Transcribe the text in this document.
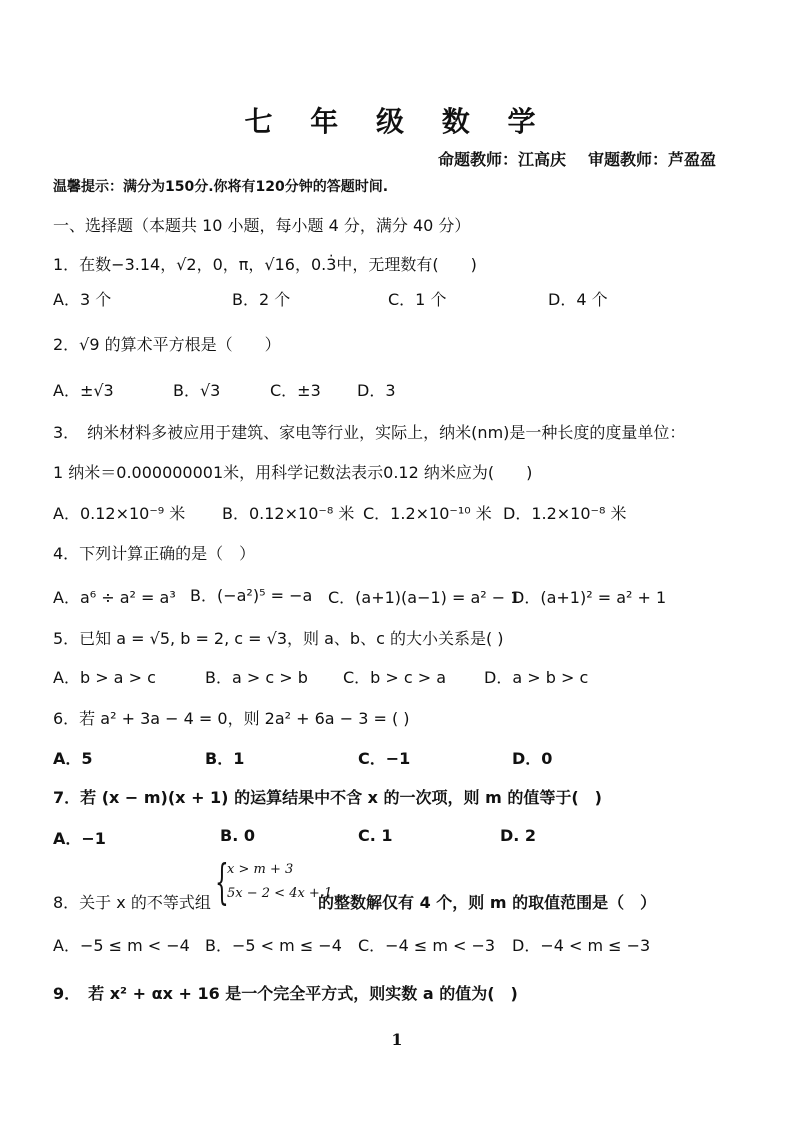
七 年 级 数 学
命题教师：江高庆 审题教师：芦盈盈
温馨提示：满分为150分.你将有120分钟的答题时间.
一、选择题（本题共 10 小题，每小题 4 分，满分 40 分）
1．在数−3.14，√2，0，π，√16，0.3̇中，无理数有(　　)
A．3 个	B．2 个	C．1 个	D．4 个
2．√9 的算术平方根是（　　）
A．±√3	B．√3	C．±3 D．3
3．　纳米材料多被应用于建筑、家电等行业，实际上，纳米(nm)是一种长度的度量单位：
1 纳米＝0.000000001米，用科学记数法表示0.12 纳米应为(　　)
A．0.12×10⁻⁹ 米 B．0.12×10⁻⁸ 米 C．1.2×10⁻¹⁰ 米 D．1.2×10⁻⁸ 米
4．下列计算正确的是（　）
A．a⁶ ÷ a² = a³ B．(−a²)⁵ = −a C．(a+1)(a−1) = a² − 1
D．(a+1)² = a² + 1
5．已知 a = √5, b = 2, c = √3，则 a、b、c 的大小关系是( )
A．b > a > c	B．a > c > b C．b > c > a D．a > b > c
6．若 a² + 3a − 4 = 0，则 2a² + 6a − 3 = ( )
A．5	B．1	C．−1	D．0
7．若 (x − m)(x + 1) 的运算结果中不含 x 的一次项，则 m 的值等于(　)
A．−1	B. 0	C. 1	D. 2
8．关于 x 的不等式组 {
x > m + 3
5x − 2 < 4x + 1
的整数解仅有 4 个，则 m 的取值范围是（　）
A．−5 ≤ m < −4 B．−5 < m ≤ −4 C．−4 ≤ m < −3 D．−4 < m ≤ −3
9．　若 x² + αx + 16 是一个完全平方式，则实数 a 的值为(　)
1
